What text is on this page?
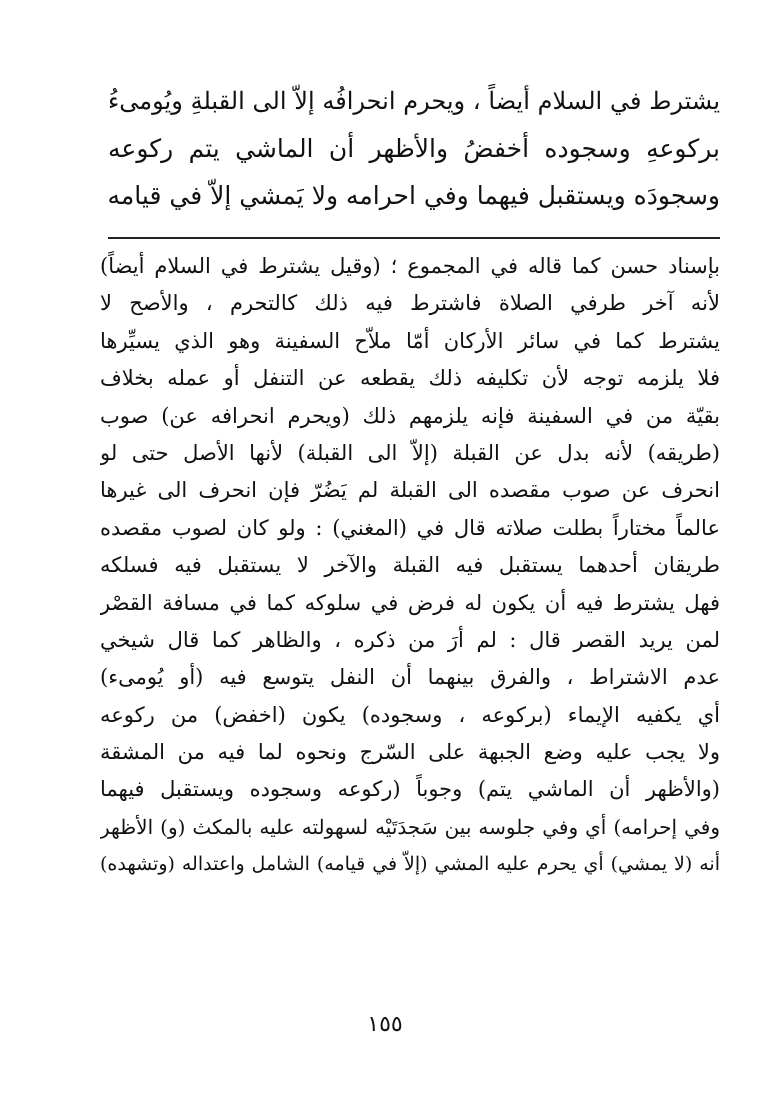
يشترط في السلام أيضاً ، ويحرم انحرافُه إلاّ الى القبلةِ ويُومىءُ
بركوعهِ وسجوده أخفضُ والأظهر أن الماشي يتم ركوعه
وسجودَه ويستقبل فيهما وفي احرامه ولا يَمشي إلاّ في قيامه
بإسناد حسن كما قاله في المجموع ؛ (وقيل يشترط في السلام أيضاً)
لأنه آخر طرفي الصلاة فاشترط فيه ذلك كالتحرم ، والأصح لا
يشترط كما في سائر الأركان أمّا ملاّح السفينة وهو الذي يسيِّرها
فلا يلزمه توجه لأن تكليفه ذلك يقطعه عن التنفل أو عمله بخلاف
بقيّة من في السفينة فإنه يلزمهم ذلك (ويحرم انحرافه عن) صوب
(طريقه) لأنه بدل عن القبلة (إلاّ الى القبلة) لأنها الأصل حتى لو
انحرف عن صوب مقصده الى القبلة لم يَضُرّ فإن انحرف الى غيرها
عالماً مختاراً بطلت صلاته قال في (المغني) : ولو كان لصوب مقصده
طريقان أحدهما يستقبل فيه القبلة والآخر لا يستقبل فيه فسلكه
فهل يشترط فيه أن يكون له فرض في سلوكه كما في مسافة القصْر
لمن يريد القصر قال : لم أرَ من ذكره ، والظاهر كما قال شيخي
عدم الاشتراط ، والفرق بينهما أن النفل يتوسع فيه (أو يُومىء)
أي يكفيه الإيماء (بركوعه ، وسجوده) يكون (اخفض) من ركوعه
ولا يجب عليه وضع الجبهة على السّرج ونحوه لما فيه من المشقة
(والأظهر أن الماشي يتم) وجوباً (ركوعه وسجوده ويستقبل فيهما
وفي إحرامه) أي وفي جلوسه بين سَجدَتَيْه لسهولته عليه بالمكث (و) الأظهر
أنه (لا يمشي) أي يحرم عليه المشي (إلاّ في قيامه) الشامل واعتداله (وتشهده)
١٥٥
